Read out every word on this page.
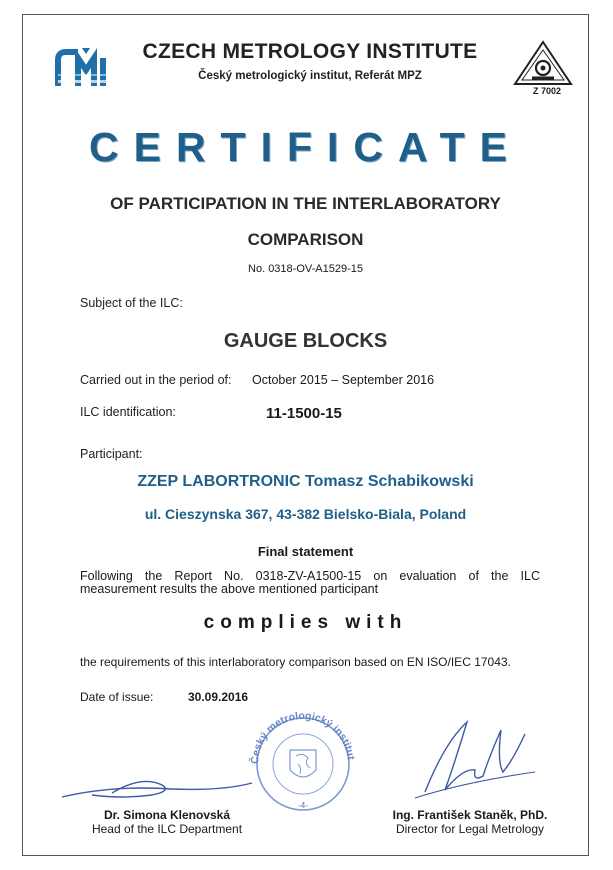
CZECH METROLOGY INSTITUTE
Český metrologický institut, Referát MPZ
Z 7002
CERTIFICATE
OF PARTICIPATION IN THE INTERLABORATORY
COMPARISON
No. 0318-OV-A1529-15
Subject of the ILC:
GAUGE BLOCKS
Carried out in the period of: October 2015 – September 2016
ILC identification:	11-1500-15
Participant:
ZZEP LABORTRONIC Tomasz Schabikowski
ul. Cieszynska 367, 43-382 Bielsko-Biala, Poland
Final statement
Following the Report No. 0318-ZV-A1500-15 on evaluation of the ILC measurement results the above mentioned participant
complies with
the requirements of this interlaboratory comparison based on EN ISO/IEC 17043.
Date of issue:	30.09.2016
Český metrologický institut
-4-
Dr. Simona Klenovská
Head of the ILC Department
Ing. František Staněk, PhD.
Director for Legal Metrology
